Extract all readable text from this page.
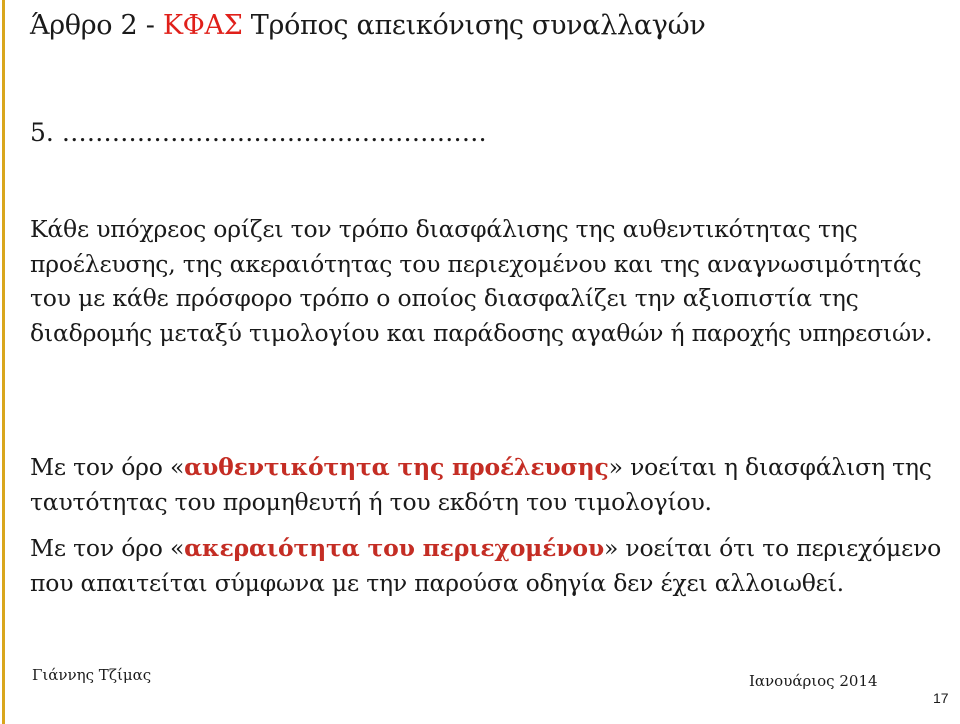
Άρθρο 2 - ΚΦΑΣ Τρόπος απεικόνισης συναλλαγών

5. ……………………………………………

Κάθε υπόχρεος ορίζει τον τρόπο διασφάλισης της αυθεντικότητας της προέλευσης, της ακεραιότητας του περιεχομένου και της αναγνωσιμότητάς του με κάθε πρόσφορο τρόπο ο οποίος διασφαλίζει την αξιοπιστία της διαδρομής μεταξύ τιμολογίου και παράδοσης αγαθών ή παροχής υπηρεσιών.

Με τον όρο «αυθεντικότητα της προέλευσης» νοείται η διασφάλιση της ταυτότητας του προμηθευτή ή του εκδότη του τιμολογίου.

Με τον όρο «ακεραιότητα του περιεχομένου» νοείται ότι το περιεχόμενο που απαιτείται σύμφωνα με την παρούσα οδηγία δεν έχει αλλοιωθεί.

Γιάννης Τζίμας	Ιανουάριος 2014
17
